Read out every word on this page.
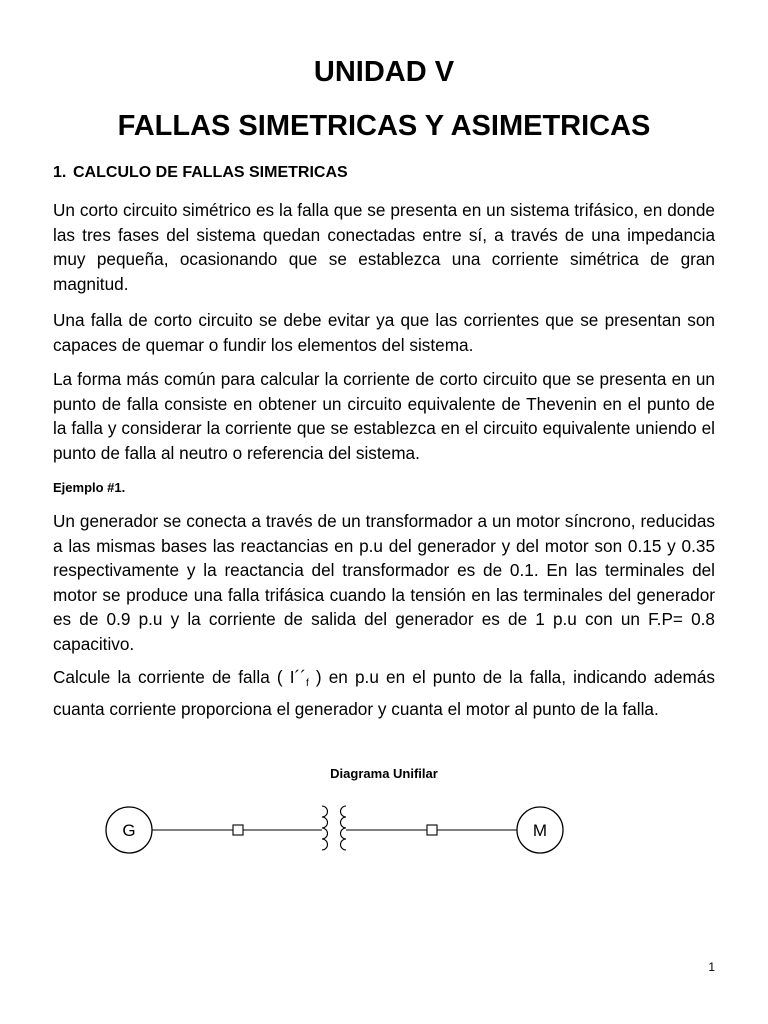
UNIDAD V
FALLAS SIMETRICAS Y ASIMETRICAS
1. CALCULO DE FALLAS SIMETRICAS

Un corto circuito simétrico es la falla que se presenta en un sistema trifásico, en donde las tres fases del sistema quedan conectadas entre sí, a través de una impedancia muy pequeña, ocasionando que se establezca una corriente simétrica de gran magnitud.

Una falla de corto circuito se debe evitar ya que las corrientes que se presentan son capaces de quemar o fundir los elementos del sistema.

La forma más común para calcular la corriente de corto circuito que se presenta en un punto de falla consiste en obtener un circuito equivalente de Thevenin en el punto de la falla y considerar la corriente que se establezca en el circuito equivalente uniendo el punto de falla al neutro o referencia del sistema.

Ejemplo #1.

Un generador se conecta a través de un transformador a un motor síncrono, reducidas a las mismas bases las reactancias en p.u del generador y del motor son 0.15 y 0.35 respectivamente y la reactancia del transformador es de 0.1. En las terminales del motor se produce una falla trifásica cuando la tensión en las terminales del generador es de 0.9 p.u y la corriente de salida del generador es de 1 p.u con un F.P= 0.8 capacitivo.

Calcule la corriente de falla ( $I´´_f$ ) en p.u en el punto de la falla, indicando además cuanta corriente proporciona el generador y cuanta el motor al punto de la falla.

Diagrama Unifilar

G	M

1
